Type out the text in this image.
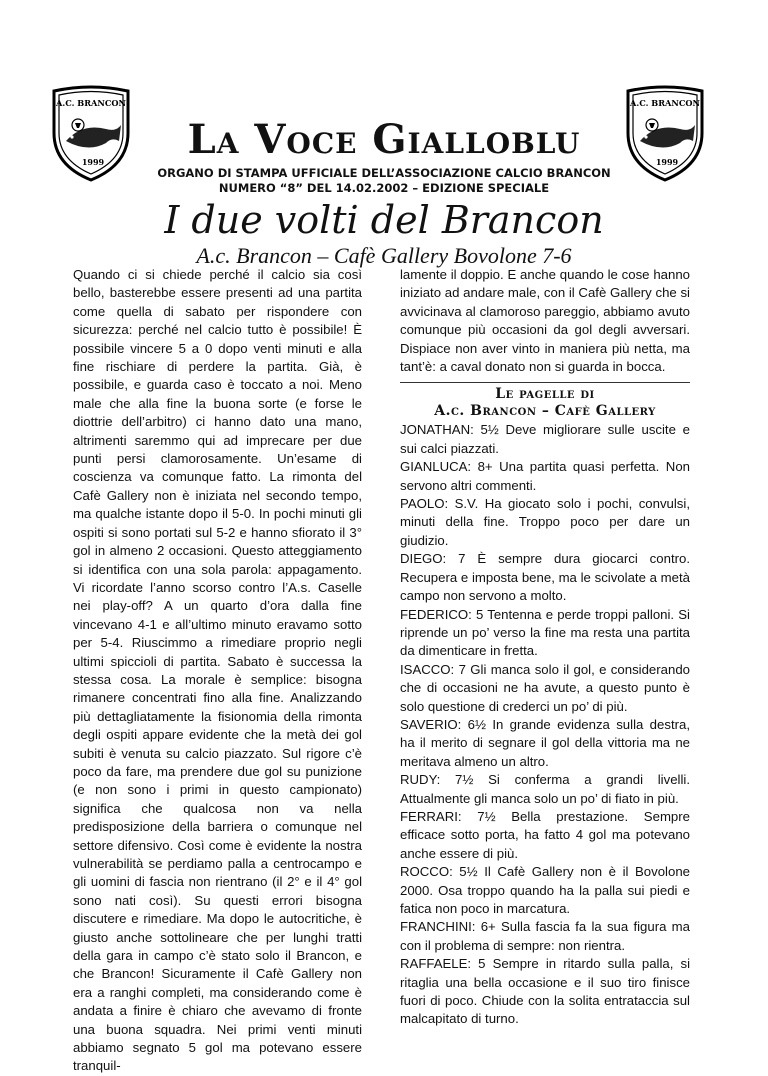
A.C. BRANCON
1999
A.C. BRANCON
1999
La Voce Gialloblu
ORGANO DI STAMPA UFFICIALE DELL’ASSOCIAZIONE CALCIO BRANCON
NUMERO “8” DEL 14.02.2002 – EDIZIONE SPECIALE
I due volti del Brancon
A.c. Brancon – Cafè Gallery Bovolone 7-6

Quando ci si chiede perché il calcio sia così bello, basterebbe essere presenti ad una partita come quella di sabato per rispondere con sicurezza: perché nel calcio tutto è possibile! È possibile vincere 5 a 0 dopo venti minuti e alla fine rischiare di perdere la partita. Già, è possibile, e guarda caso è toccato a noi. Meno male che alla fine la buona sorte (e forse le diottrie dell’arbitro) ci hanno dato una mano, altrimenti saremmo qui ad imprecare per due punti persi clamorosamente. Un’esame di coscienza va comunque fatto. La rimonta del Cafè Gallery non è iniziata nel secondo tempo, ma qualche istante dopo il 5-0. In pochi minuti gli ospiti si sono portati sul 5-2 e hanno sfiorato il 3° gol in almeno 2 occasioni. Questo atteggiamento si identifica con una sola parola: appagamento. Vi ricordate l’anno scorso contro l’A.s. Caselle nei play-off? A un quarto d’ora dalla fine vincevano 4-1 e all’ultimo minuto eravamo sotto per 5-4. Riuscimmo a rimediare proprio negli ultimi spiccioli di partita. Sabato è successa la stessa cosa. La morale è semplice: bisogna rimanere concentrati fino alla fine. Analizzando più dettagliatamente la fisionomia della rimonta degli ospiti appare evidente che la metà dei gol subiti è venuta su calcio piazzato. Sul rigore c’è poco da fare, ma prendere due gol su punizione (e non sono i primi in questo campionato) significa che qualcosa non va nella predisposizione della barriera o comunque nel settore difensivo. Così come è evidente la nostra vulnerabilità se perdiamo palla a centrocampo e gli uomini di fascia non rientrano (il 2° e il 4° gol sono nati così). Su questi errori bisogna discutere e rimediare. Ma dopo le autocritiche, è giusto anche sottolineare che per lunghi tratti della gara in campo c’è stato solo il Brancon, e che Brancon! Sicuramente il Cafè Gallery non era a ranghi completi, ma considerando come è andata a finire è chiaro che avevamo di fronte una buona squadra. Nei primi venti minuti abbiamo segnato 5 gol ma potevano essere tranquil-

lamente il doppio. E anche quando le cose hanno iniziato ad andare male, con il Cafè Gallery che si avvicinava al clamoroso pareggio, abbiamo avuto comunque più occasioni da gol degli avversari. Dispiace non aver vinto in maniera più netta, ma tant’è: a caval donato non si guarda in bocca.

Le pagelle di
A.c. Brancon – Cafè Gallery
JONATHAN: 5½ Deve migliorare sulle uscite e sui calci piazzati.
GIANLUCA: 8+ Una partita quasi perfetta. Non servono altri commenti.
PAOLO: S.V. Ha giocato solo i pochi, convulsi, minuti della fine. Troppo poco per dare un giudizio.
DIEGO: 7 È sempre dura giocarci contro. Recupera e imposta bene, ma le scivolate a metà campo non servono a molto.
FEDERICO: 5 Tentenna e perde troppi palloni. Si riprende un po’ verso la fine ma resta una partita da dimenticare in fretta.
ISACCO: 7 Gli manca solo il gol, e considerando che di occasioni ne ha avute, a questo punto è solo questione di crederci un po’ di più.
SAVERIO: 6½ In grande evidenza sulla destra, ha il merito di segnare il gol della vittoria ma ne meritava almeno un altro.
RUDY: 7½ Si conferma a grandi livelli. Attualmente gli manca solo un po’ di fiato in più.
FERRARI: 7½ Bella prestazione. Sempre efficace sotto porta, ha fatto 4 gol ma potevano anche essere di più.
ROCCO: 5½ Il Cafè Gallery non è il Bovolone 2000. Osa troppo quando ha la palla sui piedi e fatica non poco in marcatura.
FRANCHINI: 6+ Sulla fascia fa la sua figura ma con il problema di sempre: non rientra.
RAFFAELE: 5 Sempre in ritardo sulla palla, si ritaglia una bella occasione e il suo tiro finisce fuori di poco. Chiude con la solita entrataccia sul malcapitato di turno.
